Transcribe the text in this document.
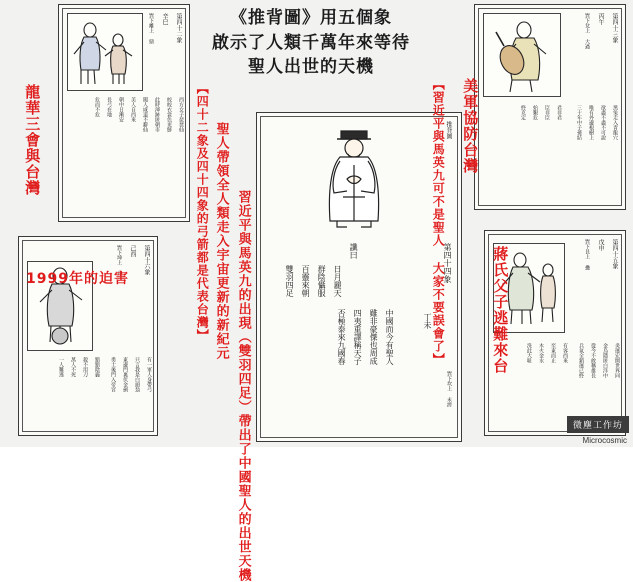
《推背圖》用五個象
啟示了人類千萬年來等待
聖人出世的天機
第四十二象
辛巳
巽下離上 鼎
美人自西來
朝中日漸安
長弓在地
危而不危	西方女子琵琶仙
皎皎衣裳色更鮮
此時渾跡匿朝市
闖人咸道不辭仙
第四十六象
己酉
巽下坤上 升
黯黯陰霾
殺不用刀
萬人不死
一人難逃	有一軍人身帶弓
只言我是白頭翁
東邊門裏伏金劍
勇士後門入帝宮
第四十四象
丁未
巽下坎上 未濟
推背圖
讖曰
日月麗天
群陰懾服
百靈來朝
雙羽四足
中國而今有聖人
雖非豪傑也周成
四夷重譯稱天子
否極泰來九國春
第四十三象
丙午
巽下兌上 大過
君非君
臣非臣
始艱危
終克定	黑兔走入青龍穴
欲盡不盡不可說
唯有外邊根樹上
三十年中子孫結
第四十五象
戊申
巽下艮上 蠱
有客西來
至東而止
木火金水
洗此大耻	炎運宏開世界同
金烏隱匿白洋中
從今不敢稱雄長
兵氣全銷運已終
龍華三會與台灣
1999年的迫害
美軍協防台灣
蔣氏父子逃難來台
【四十二象及四十四象的弓箭都是代表台灣】	【習近平與馬英九可不是聖人 大家不要誤會了】
聖人帶領全人類走入宇宙更新的新紀元 習近平與馬英九的出現（雙羽四足）帶出了中國聖人的出世天機	微塵工作坊
Microcosmic
